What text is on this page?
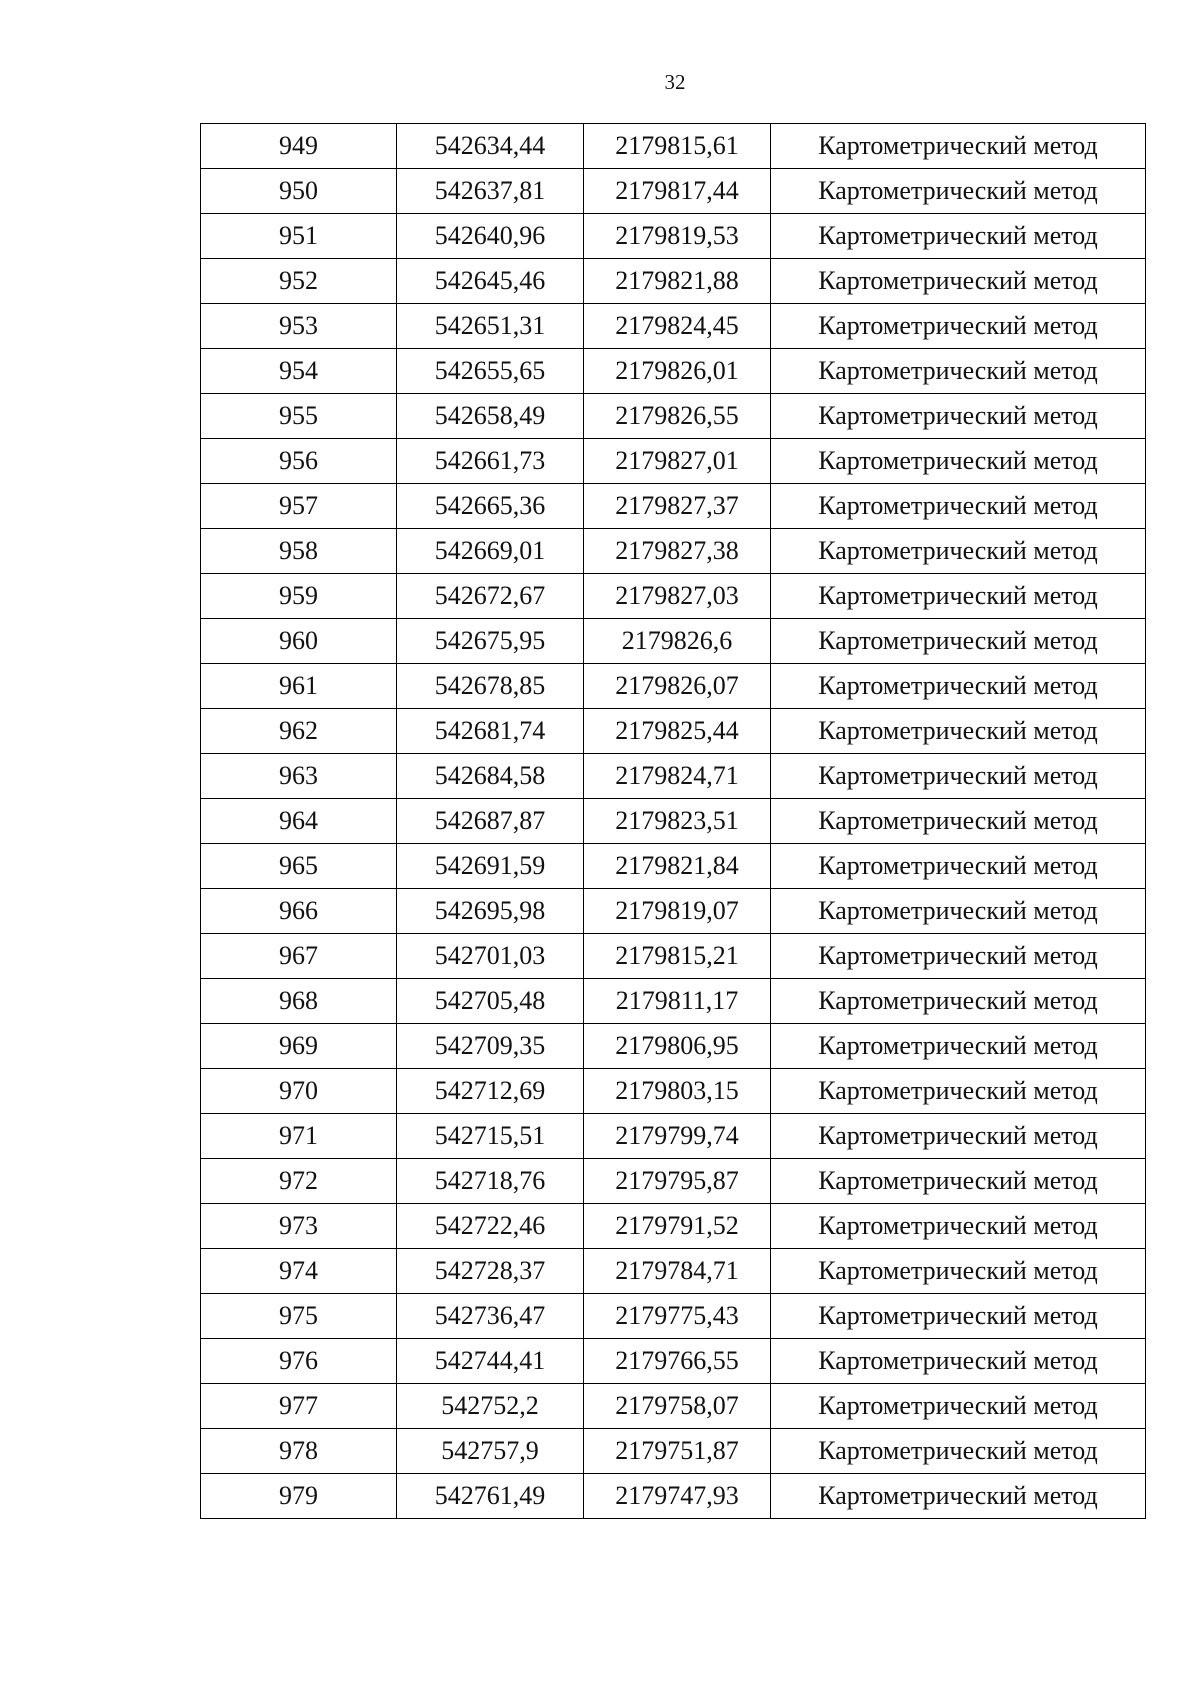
32
949	542634,44	2179815,61	Картометрический метод
950	542637,81	2179817,44	Картометрический метод
951	542640,96	2179819,53	Картометрический метод
952	542645,46	2179821,88	Картометрический метод
953	542651,31	2179824,45	Картометрический метод
954	542655,65	2179826,01	Картометрический метод
955	542658,49	2179826,55	Картометрический метод
956	542661,73	2179827,01	Картометрический метод
957	542665,36	2179827,37	Картометрический метод
958	542669,01	2179827,38	Картометрический метод
959	542672,67	2179827,03	Картометрический метод
960	542675,95	2179826,6	Картометрический метод
961	542678,85	2179826,07	Картометрический метод
962	542681,74	2179825,44	Картометрический метод
963	542684,58	2179824,71	Картометрический метод
964	542687,87	2179823,51	Картометрический метод
965	542691,59	2179821,84	Картометрический метод
966	542695,98	2179819,07	Картометрический метод
967	542701,03	2179815,21	Картометрический метод
968	542705,48	2179811,17	Картометрический метод
969	542709,35	2179806,95	Картометрический метод
970	542712,69	2179803,15	Картометрический метод
971	542715,51	2179799,74	Картометрический метод
972	542718,76	2179795,87	Картометрический метод
973	542722,46	2179791,52	Картометрический метод
974	542728,37	2179784,71	Картометрический метод
975	542736,47	2179775,43	Картометрический метод
976	542744,41	2179766,55	Картометрический метод
977	542752,2	2179758,07	Картометрический метод
978	542757,9	2179751,87	Картометрический метод
979	542761,49	2179747,93	Картометрический метод
